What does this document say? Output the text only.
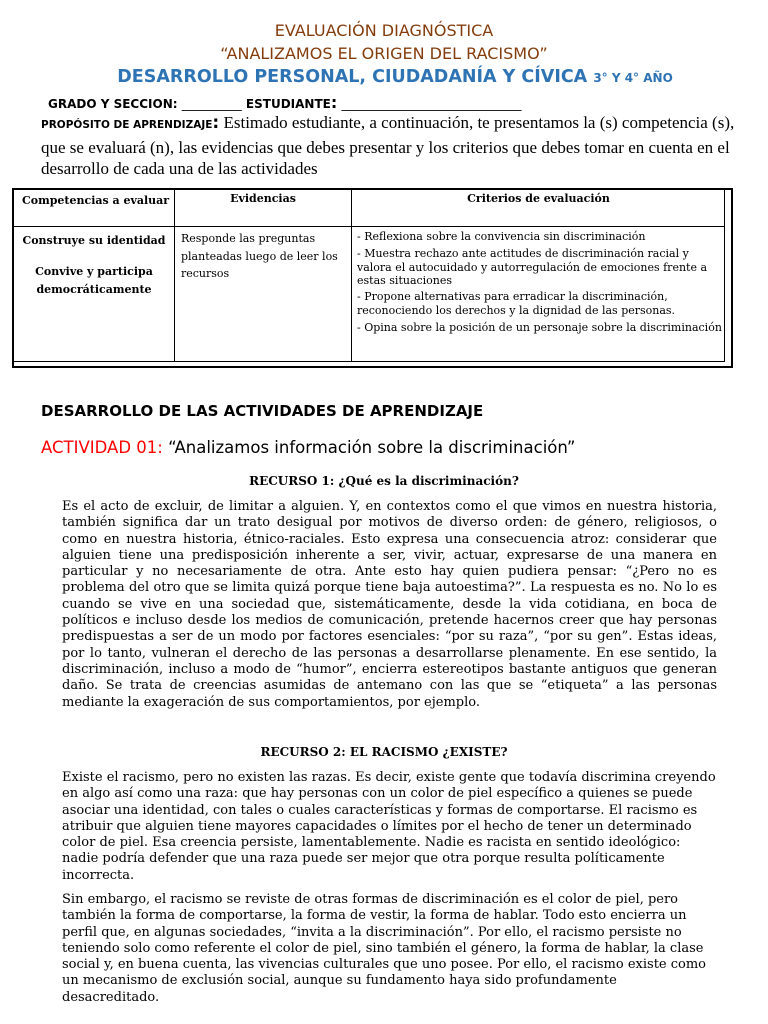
EVALUACIÓN DIAGNÓSTICA
“ANALIZAMOS EL ORIGEN DEL RACISMO”
DESARROLLO PERSONAL, CIUDADANÍA Y CÍVICA 3° Y 4° AÑO
GRADO Y SECCION: __________ ESTUDIANTE: ______________________________
PROPÓSITO DE APRENDIZAJE: Estimado estudiante, a continuación, te presentamos la (s) competencia (s), que se evaluará (n), las evidencias que debes presentar y los criterios que debes tomar en cuenta en el desarrollo de cada una de las actividades
Competencias a evaluar	Evidencias	Criterios de evaluación
Construye su identidad
Convive y participa democráticamente
Responde las preguntas planteadas luego de leer los recursos
- Reflexiona sobre la convivencia sin discriminación
- Muestra rechazo ante actitudes de discriminación racial y valora el autocuidado y autorregulación de emociones frente a estas situaciones
- Propone alternativas para erradicar la discriminación, reconociendo los derechos y la dignidad de las personas.
- Opina sobre la posición de un personaje sobre la discriminación
DESARROLLO DE LAS ACTIVIDADES DE APRENDIZAJE
ACTIVIDAD 01: “Analizamos información sobre la discriminación”
RECURSO 1: ¿Qué es la discriminación?

Es el acto de excluir, de limitar a alguien. Y, en contextos como el que vimos en nuestra historia, también significa dar un trato desigual por motivos de diverso orden: de género, religiosos, o como en nuestra historia, étnico-raciales. Esto expresa una consecuencia atroz: considerar que alguien tiene una predisposición inherente a ser, vivir, actuar, expresarse de una manera en particular y no necesariamente de otra. Ante esto hay quien pudiera pensar: “¿Pero no es problema del otro que se limita quizá porque tiene baja autoestima?”. La respuesta es no. No lo es cuando se vive en una sociedad que, sistemáticamente, desde la vida cotidiana, en boca de políticos e incluso desde los medios de comunicación, pretende hacernos creer que hay personas predispuestas a ser de un modo por factores esenciales: “por su raza”, “por su gen”. Estas ideas, por lo tanto, vulneran el derecho de las personas a desarrollarse plenamente. En ese sentido, la discriminación, incluso a modo de “humor”, encierra estereotipos bastante antiguos que generan daño. Se trata de creencias asumidas de antemano con las que se “etiqueta” a las personas mediante la exageración de sus comportamientos, por ejemplo.

RECURSO 2: EL RACISMO ¿EXISTE?

Existe el racismo, pero no existen las razas. Es decir, existe gente que todavía discrimina creyendo en algo así como una raza: que hay personas con un color de piel específico a quienes se puede asociar una identidad, con tales o cuales características y formas de comportarse. El racismo es atribuir que alguien tiene mayores capacidades o límites por el hecho de tener un determinado color de piel. Esa creencia persiste, lamentablemente. Nadie es racista en sentido ideológico: nadie podría defender que una raza puede ser mejor que otra porque resulta políticamente incorrecta.

Sin embargo, el racismo se reviste de otras formas de discriminación es el color de piel, pero también la forma de comportarse, la forma de vestir, la forma de hablar. Todo esto encierra un perfil que, en algunas sociedades, “invita a la discriminación”. Por ello, el racismo persiste no teniendo solo como referente el color de piel, sino también el género, la forma de hablar, la clase social y, en buena cuenta, las vivencias culturales que uno posee. Por ello, el racismo existe como un mecanismo de exclusión social, aunque su fundamento haya sido profundamente desacreditado.
